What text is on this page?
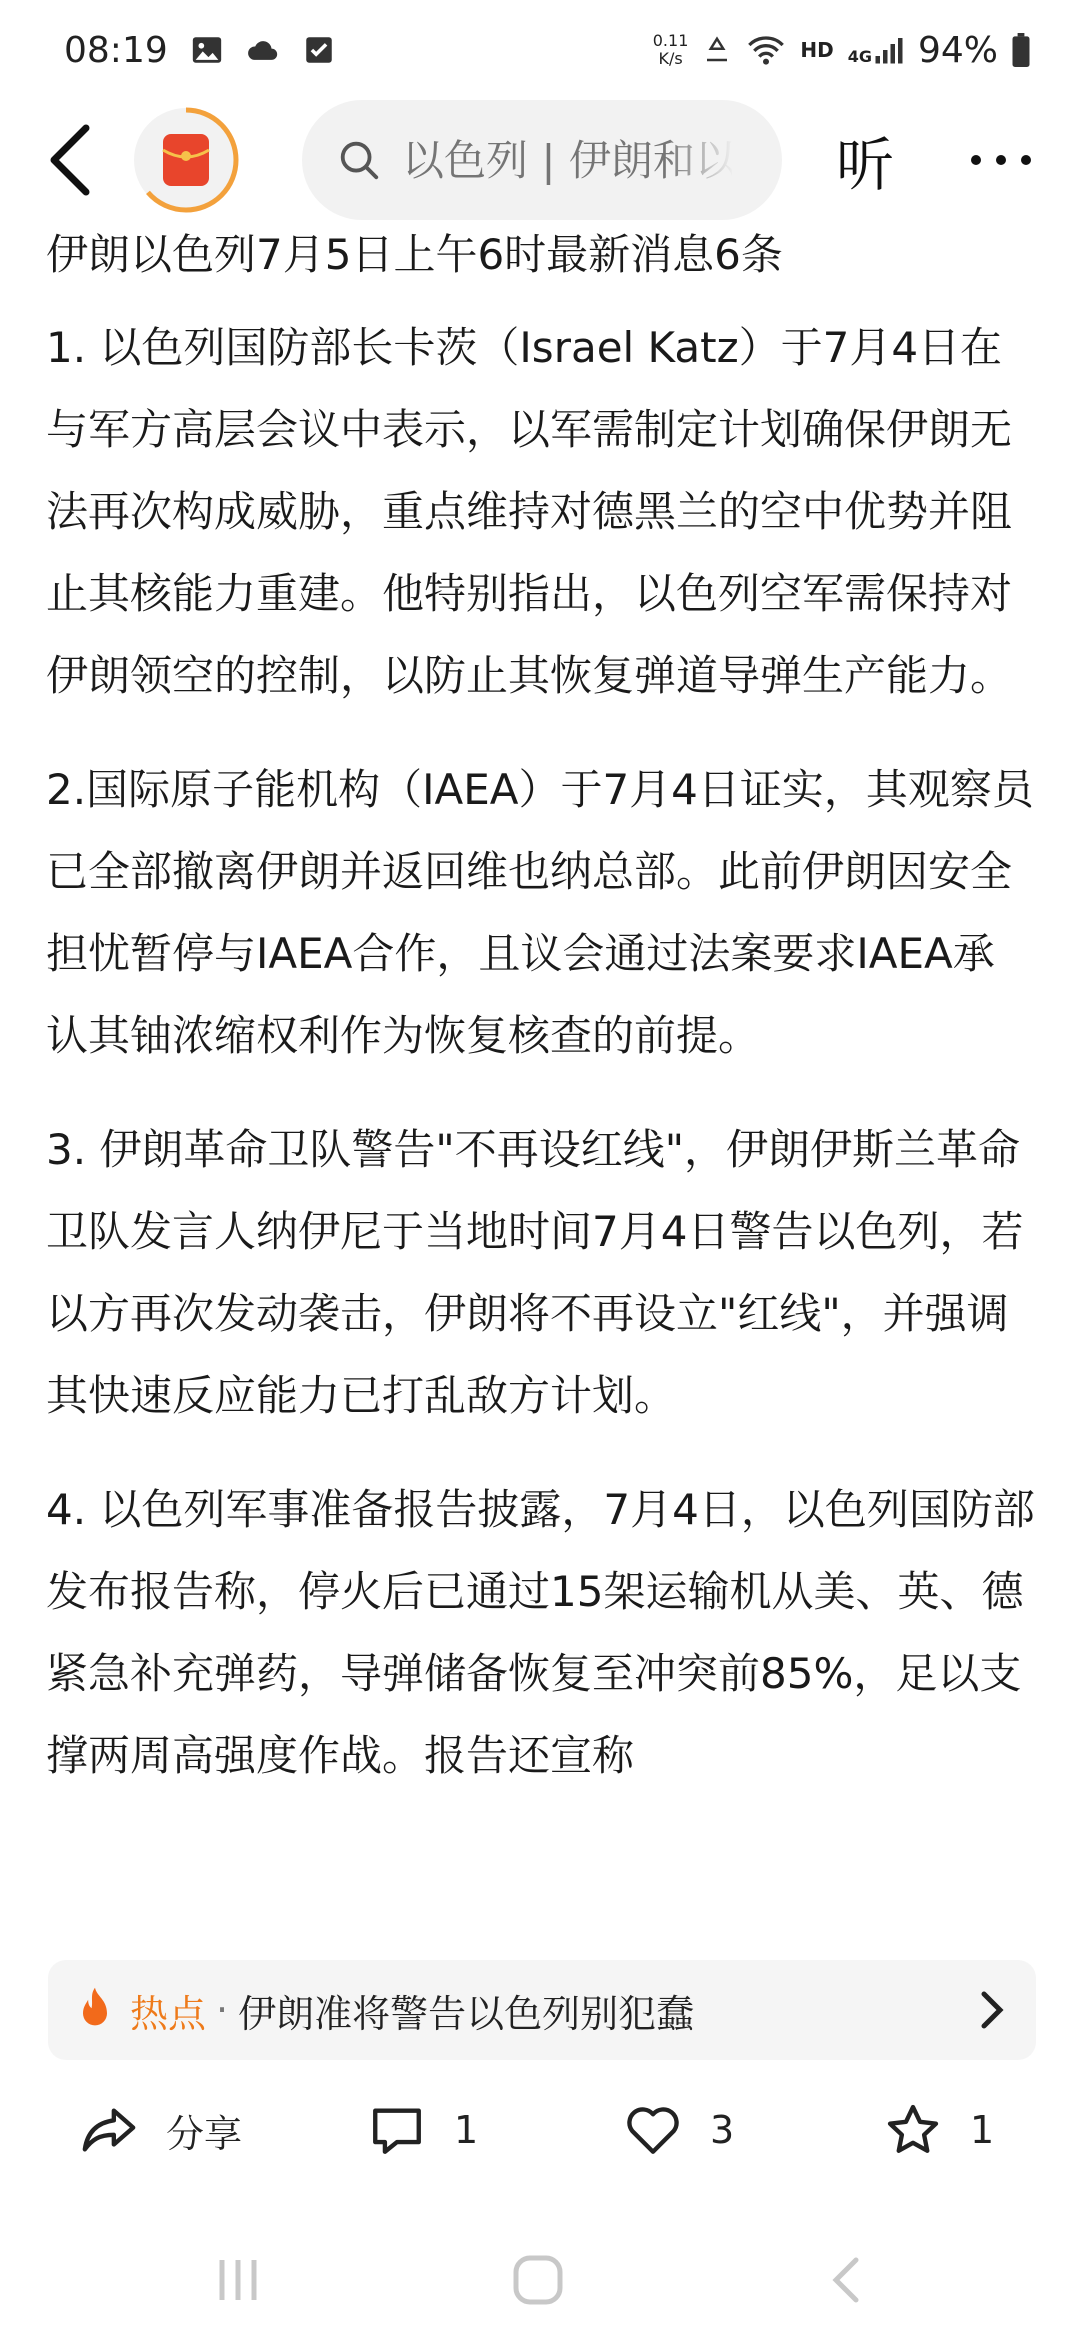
08:19	0.11
K/s	HD 4G 94%
以色列 | 伊朗和以
听

伊朗以色列7月5日上午6时最新消息6条

1. 以色列国防部长卡茨（Israel Katz）于7月4日在与军方高层会议中表示，以军需制定计划确保伊朗无法再次构成威胁，重点维持对德黑兰的空中优势并阻止其核能力重建。他特别指出，以色列空军需保持对伊朗领空的控制，以防止其恢复弹道导弹生产能力。

2.国际原子能机构（IAEA）于7月4日证实，其观察员已全部撤离伊朗并返回维也纳总部。此前伊朗因安全担忧暂停与IAEA合作，且议会通过法案要求IAEA承认其铀浓缩权利作为恢复核查的前提。

3. 伊朗革命卫队警告"不再设红线"，伊朗伊斯兰革命卫队发言人纳伊尼于当地时间7月4日警告以色列，若以方再次发动袭击，伊朗将不再设立"红线"，并强调其快速反应能力已打乱敌方计划。

4. 以色列军事准备报告披露，7月4日，以色列国防部发布报告称，停火后已通过15架运输机从美、英、德紧急补充弹药，导弹储备恢复至冲突前85%，足以支撑两周高强度作战。报告还宣称

热点 · 伊朗准将警告以色列别犯蠢
分享	1	3	1
